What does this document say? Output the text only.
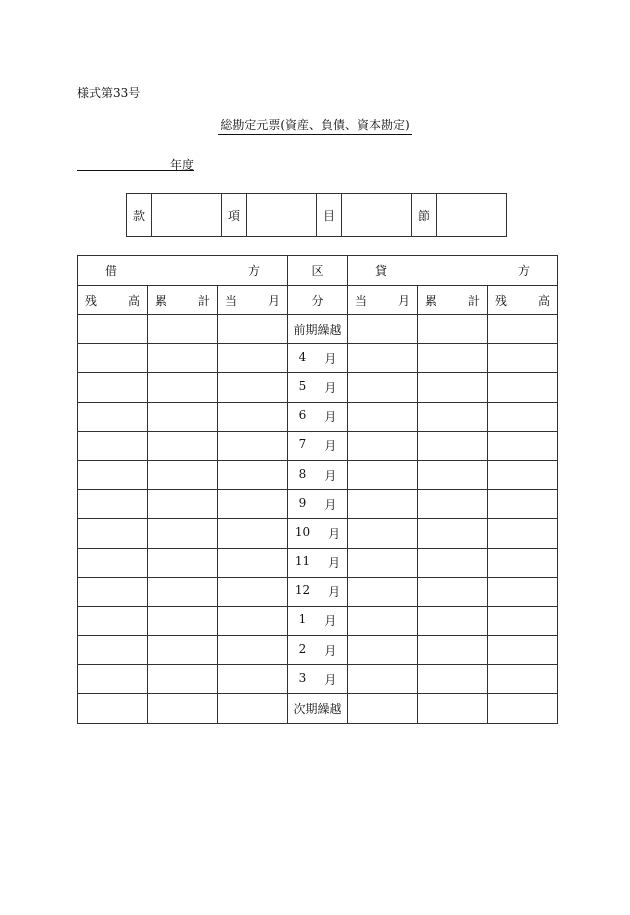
様式第33号
総勘定元票(資産、負債、資本勘定)
年度
款		項		目		節	
借 方			区	貸 方		

残 高	累 計	当 月	分	当 月	累 計	残 高

			前期繰越			

			4 月			

			5 月			

			6 月			

			7 月			

			8 月			

			9 月			

			10 月			

			11 月			

			12 月			

			1 月			

			2 月			

			3 月			

			次期繰越			
